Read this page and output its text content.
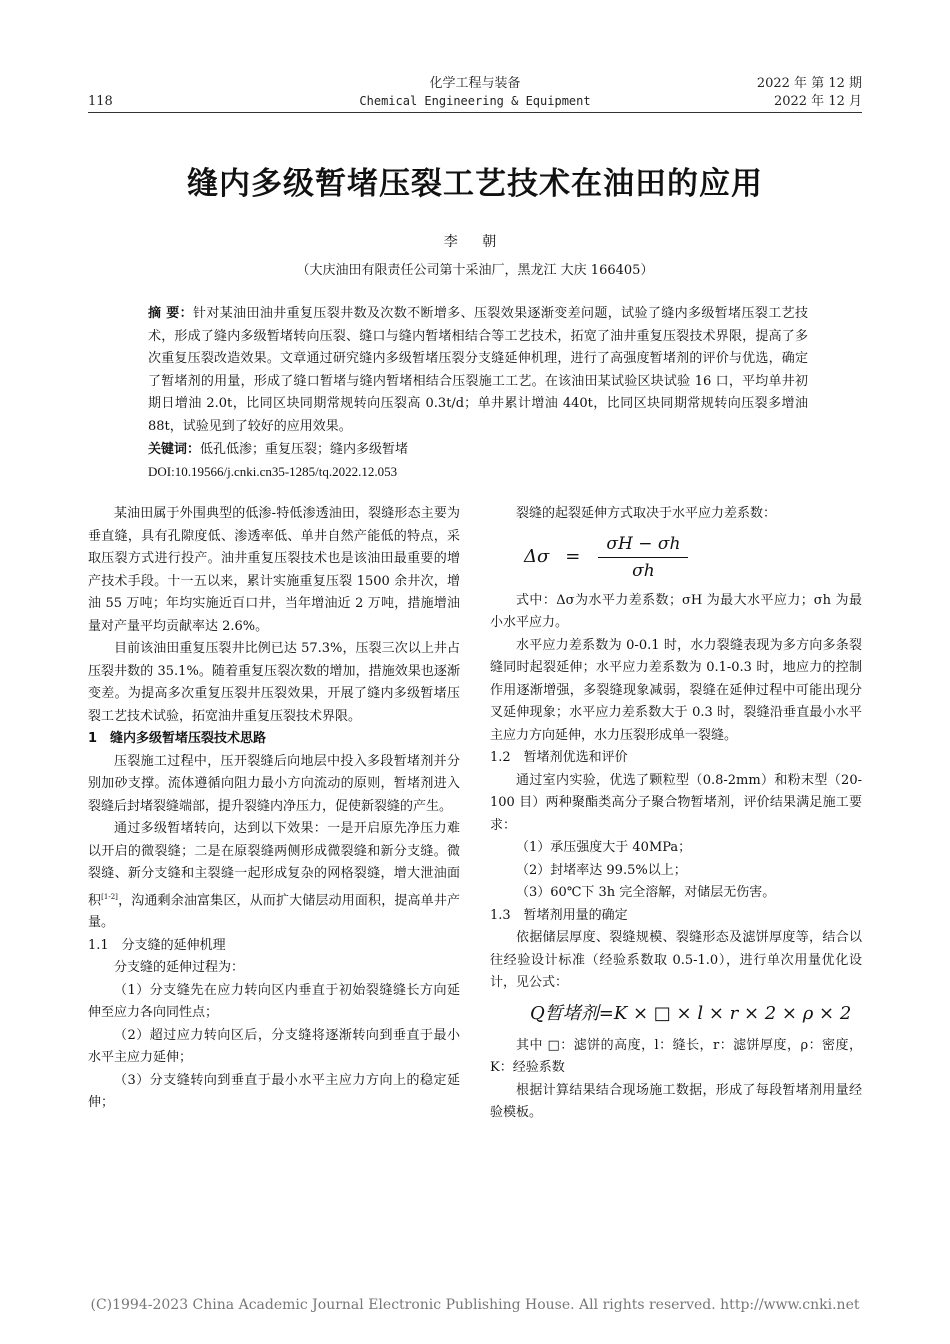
118
化学工程与装备
Chemical Engineering & Equipment
2022 年 第 12 期
2022 年 12 月
缝内多级暂堵压裂工艺技术在油田的应用
李 朝
（大庆油田有限责任公司第十采油厂，黑龙江 大庆 166405）
摘 要：针对某油田油井重复压裂井数及次数不断增多、压裂效果逐渐变差问题，试验了缝内多级暂堵压裂工艺技术，形成了缝内多级暂堵转向压裂、缝口与缝内暂堵相结合等工艺技术，拓宽了油井重复压裂技术界限，提高了多次重复压裂改造效果。文章通过研究缝内多级暂堵压裂分支缝延伸机理，进行了高强度暂堵剂的评价与优选，确定了暂堵剂的用量，形成了缝口暂堵与缝内暂堵相结合压裂施工工艺。在该油田某试验区块试验 16 口，平均单井初期日增油 2.0t，比同区块同期常规转向压裂高 0.3t/d；单井累计增油 440t，比同区块同期常规转向压裂多增油 88t，试验见到了较好的应用效果。
关键词：低孔低渗；重复压裂；缝内多级暂堵
DOI:10.19566/j.cnki.cn35-1285/tq.2022.12.053

某油田属于外围典型的低渗-特低渗透油田，裂缝形态主要为垂直缝，具有孔隙度低、渗透率低、单井自然产能低的特点，采取压裂方式进行投产。油井重复压裂技术也是该油田最重要的增产技术手段。十一五以来，累计实施重复压裂 1500 余井次，增油 55 万吨；年均实施近百口井，当年增油近 2 万吨，措施增油量对产量平均贡献率达 2.6%。

目前该油田重复压裂井比例已达 57.3%，压裂三次以上井占压裂井数的 35.1%。随着重复压裂次数的增加，措施效果也逐渐变差。为提高多次重复压裂井压裂效果，开展了缝内多级暂堵压裂工艺技术试验，拓宽油井重复压裂技术界限。

1　缝内多级暂堵压裂技术思路

压裂施工过程中，压开裂缝后向地层中投入多段暂堵剂并分别加砂支撑。流体遵循向阻力最小方向流动的原则，暂堵剂进入裂缝后封堵裂缝端部，提升裂缝内净压力，促使新裂缝的产生。

通过多级暂堵转向，达到以下效果：一是开启原先净压力难以开启的微裂缝；二是在原裂缝两侧形成微裂缝和新分支缝。微裂缝、新分支缝和主裂缝一起形成复杂的网格裂缝，增大泄油面积[1-2]，沟通剩余油富集区，从而扩大储层动用面积，提高单井产量。

1.1　分支缝的延伸机理

分支缝的延伸过程为：

（1）分支缝先在应力转向区内垂直于初始裂缝缝长方向延伸至应力各向同性点；

（2）超过应力转向区后，分支缝将逐渐转向到垂直于最小水平主应力延伸；

（3）分支缝转向到垂直于最小水平主应力方向上的稳定延伸；

裂缝的起裂延伸方式取决于水平应力差系数：

$\Delta\sigma = \frac{\sigma H - \sigma h}{\sigma h}$

式中：Δσ为水平力差系数；σH 为最大水平应力；σh 为最小水平应力。

水平应力差系数为 0-0.1 时，水力裂缝表现为多方向多条裂缝同时起裂延伸；水平应力差系数为 0.1-0.3 时，地应力的控制作用逐渐增强，多裂缝现象减弱，裂缝在延伸过程中可能出现分叉延伸现象；水平应力差系数大于 0.3 时，裂缝沿垂直最小水平主应力方向延伸，水力压裂形成单一裂缝。

1.2　暂堵剂优选和评价

通过室内实验，优选了颗粒型（0.8-2mm）和粉末型（20-100 目）两种聚酯类高分子聚合物暂堵剂，评价结果满足施工要求：

（1）承压强度大于 40MPa；

（2）封堵率达 99.5%以上；

（3）60℃下 3h 完全溶解，对储层无伤害。

1.3　暂堵剂用量的确定

依据储层厚度、裂缝规模、裂缝形态及滤饼厚度等，结合以往经验设计标准（经验系数取 0.5-1.0），进行单次用量优化设计，见公式：

Q暂堵剂=K × □ × l × r × 2 × ρ × 2

其中 □：滤饼的高度，l：缝长，r：滤饼厚度，ρ：密度，K：经验系数

根据计算结果结合现场施工数据，形成了每段暂堵剂用量经验模板。

(C)1994-2023 China Academic Journal Electronic Publishing House. All rights reserved. http://www.cnki.net
